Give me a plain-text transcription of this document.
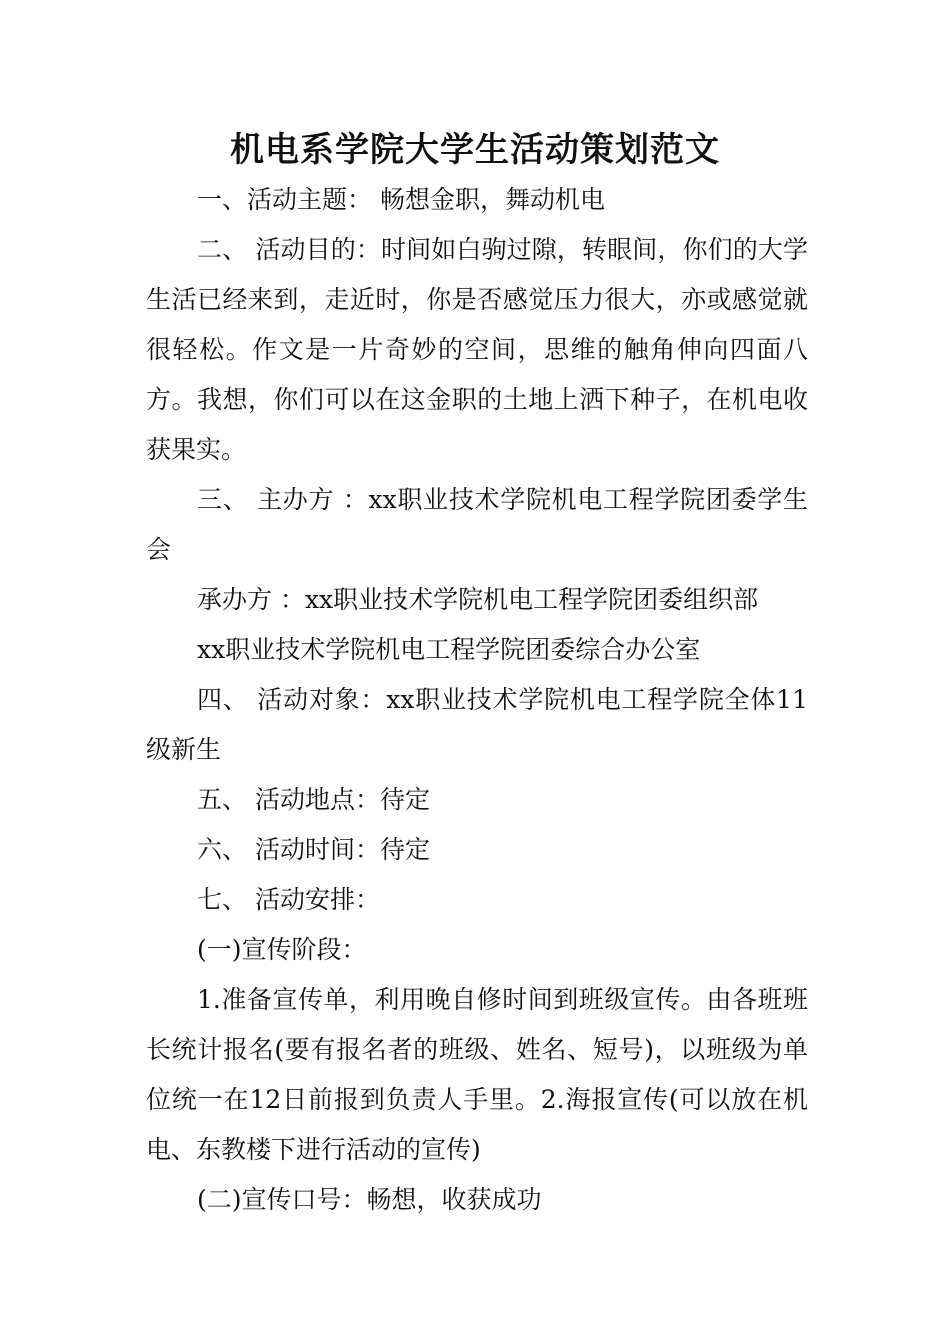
机电系学院大学生活动策划范文

一、活动主题： 畅想金职，舞动机电

二、 活动目的：时间如白驹过隙，转眼间，你们的大学生活已经来到，走近时，你是否感觉压力很大，亦或感觉就很轻松。作文是一片奇妙的空间，思维的触角伸向四面八方。我想，你们可以在这金职的土地上洒下种子，在机电收获果实。

三、 主办方 ：xx职业技术学院机电工程学院团委学生会

承办方 ：xx职业技术学院机电工程学院团委组织部

xx职业技术学院机电工程学院团委综合办公室

四、 活动对象：xx职业技术学院机电工程学院全体11级新生

五、 活动地点：待定

六、 活动时间：待定

七、 活动安排：

(一)宣传阶段：

1.准备宣传单，利用晚自修时间到班级宣传。由各班班长统计报名(要有报名者的班级、姓名、短号)，以班级为单位统一在12日前报到负责人手里。2.海报宣传(可以放在机电、东教楼下进行活动的宣传)

(二)宣传口号：畅想，收获成功
